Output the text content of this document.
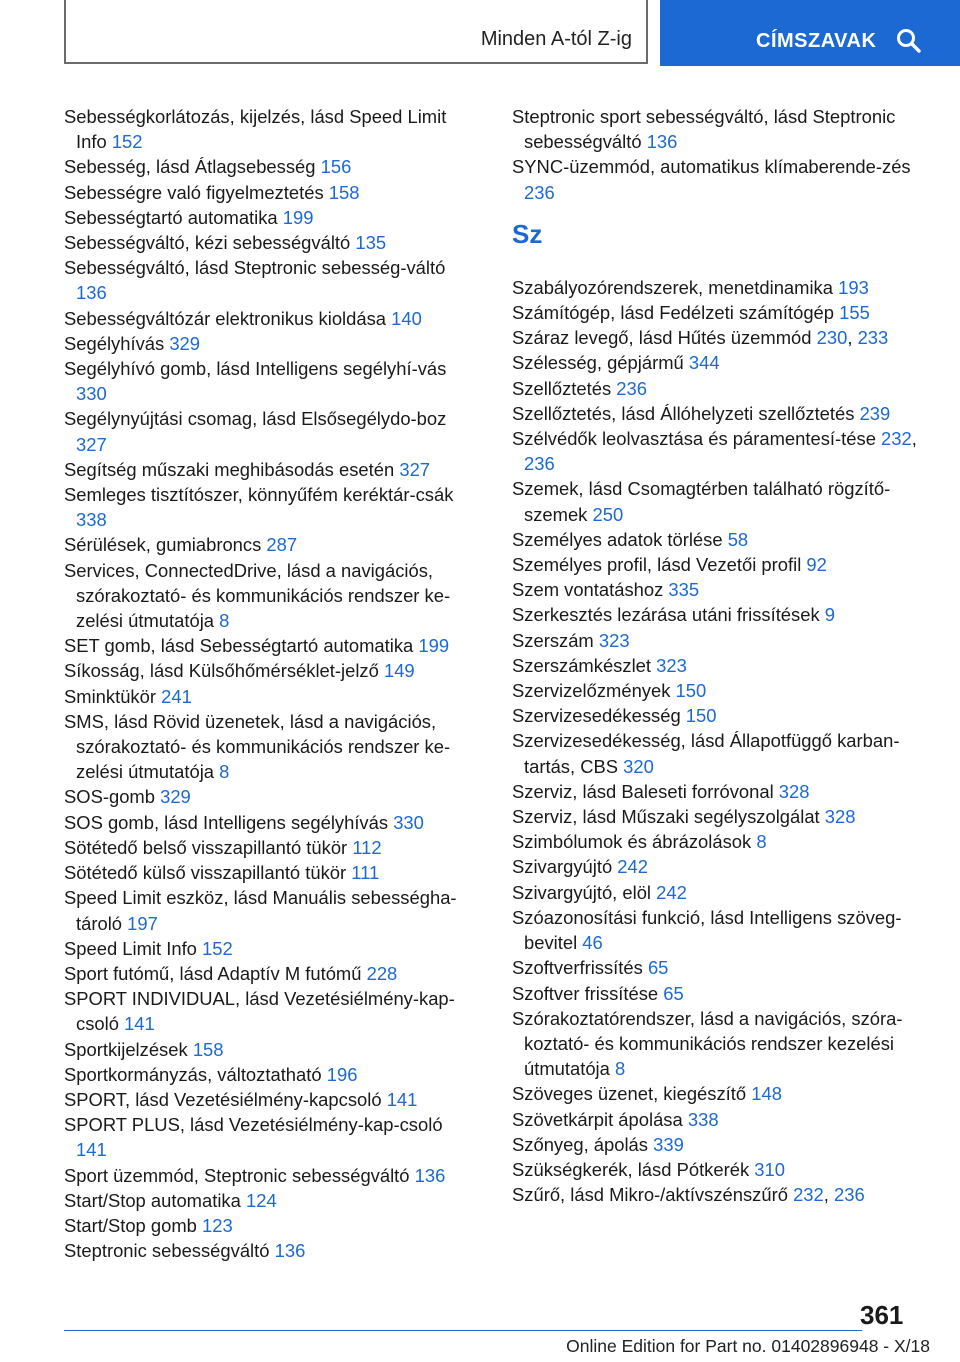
Minden A-tól Z-ig	CÍMSZAVAK

Sebességkorlátozás, kijelzés, lásd Speed Limit Info 152

Sebesség, lásd Átlagsebesség 156

Sebességre való figyelmeztetés 158

Sebességtartó automatika 199

Sebességváltó, kézi sebességváltó 135

Sebességváltó, lásd Steptronic sebesség-váltó 136

Sebességváltózár elektronikus kioldása 140

Segélyhívás 329

Segélyhívó gomb, lásd Intelligens segélyhí-vás 330

Segélynyújtási csomag, lásd Elsősegélydo-boz 327

Segítség műszaki meghibásodás esetén 327

Semleges tisztítószer, könnyűfém keréktár-csák 338

Sérülések, gumiabroncs 287

Services, ConnectedDrive, lásd a navigációs, szórakoztató- és kommunikációs rendszer ke-zelési útmutatója 8

SET gomb, lásd Sebességtartó automatika 199

Síkosság, lásd Külsőhőmérséklet-jelző 149

Sminktükör 241

SMS, lásd Rövid üzenetek, lásd a navigációs, szórakoztató- és kommunikációs rendszer ke-zelési útmutatója 8

SOS-gomb 329

SOS gomb, lásd Intelligens segélyhívás 330

Sötétedő belső visszapillantó tükör 112

Sötétedő külső visszapillantó tükör 111

Speed Limit eszköz, lásd Manuális sebességha-tároló 197

Speed Limit Info 152

Sport futómű, lásd Adaptív M futómű 228

SPORT INDIVIDUAL, lásd Vezetésiélmény-kap-csoló 141

Sportkijelzések 158

Sportkormányzás, változtatható 196

SPORT, lásd Vezetésiélmény-kapcsoló 141

SPORT PLUS, lásd Vezetésiélmény-kap-csoló 141

Sport üzemmód, Steptronic sebességváltó 136

Start/Stop automatika 124

Start/Stop gomb 123

Steptronic sebességváltó 136

Steptronic sport sebességváltó, lásd Steptronic sebességváltó 136

SYNC-üzemmód, automatikus klímaberende-zés 236

Sz

Szabályozórendszerek, menetdinamika 193

Számítógép, lásd Fedélzeti számítógép 155

Száraz levegő, lásd Hűtés üzemmód 230, 233

Szélesség, gépjármű 344

Szellőztetés 236

Szellőztetés, lásd Állóhelyzeti szellőztetés 239

Szélvédők leolvasztása és páramentesí-tése 232, 236

Szemek, lásd Csomagtérben található rögzítő-szemek 250

Személyes adatok törlése 58

Személyes profil, lásd Vezetői profil 92

Szem vontatáshoz 335

Szerkesztés lezárása utáni frissítések 9

Szerszám 323

Szerszámkészlet 323

Szervizelőzmények 150

Szervizesedékesség 150

Szervizesedékesség, lásd Állapotfüggő karban-tartás, CBS 320

Szerviz, lásd Baleseti forróvonal 328

Szerviz, lásd Műszaki segélyszolgálat 328

Szimbólumok és ábrázolások 8

Szivargyújtó 242

Szivargyújtó, elöl 242

Szóazonosítási funkció, lásd Intelligens szöveg-bevitel 46

Szoftverfrissítés 65

Szoftver frissítése 65

Szórakoztatórendszer, lásd a navigációs, szóra-koztató- és kommunikációs rendszer kezelési útmutatója 8

Szöveges üzenet, kiegészítő 148

Szövetkárpit ápolása 338

Szőnyeg, ápolás 339

Szükségkerék, lásd Pótkerék 310

Szűrő, lásd Mikro-/aktívszénszűrő 232, 236

361
Online Edition for Part no. 01402896948 - X/18
